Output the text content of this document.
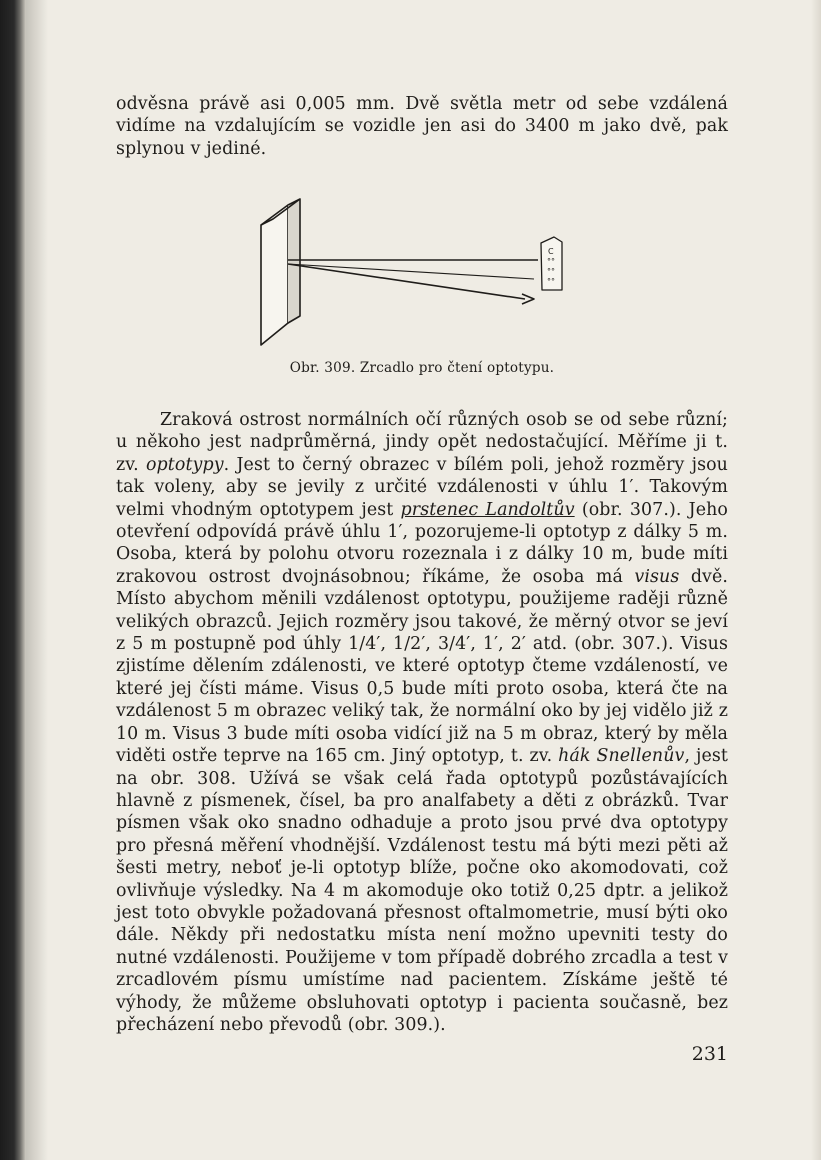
odvěsna právě asi 0,005 mm. Dvě světla metr od sebe vzdálená vidíme na vzdalujícím se vozidle jen asi do 3400 m jako dvě, pak splynou v jediné.
C
°°
°°
°°
Obr. 309. Zrcadlo pro čtení optotypu.
Zraková ostrost normálních očí různých osob se od sebe různí; u někoho jest nadprůměrná, jindy opět nedostačující. Měříme ji t. zv. optotypy. Jest to černý obrazec v bílém poli, jehož rozměry jsou tak voleny, aby se jevily z určité vzdálenosti v úhlu 1′. Takovým velmi vhodným optotypem jest prstenec Landoltův (obr. 307.). Jeho otevření odpovídá právě úhlu 1′, pozorujeme-li optotyp z dálky 5 m. Osoba, která by polohu otvoru rozeznala i z dálky 10 m, bude míti zrakovou ostrost dvojnásobnou; říkáme, že osoba má visus dvě. Místo abychom měnili vzdálenost optotypu, použijeme raději různě velikých obrazců. Jejich rozměry jsou takové, že měrný otvor se jeví z 5 m postupně pod úhly 1/4′, 1/2′, 3/4′, 1′, 2′ atd. (obr. 307.). Visus zjistíme dělením zdálenosti, ve které optotyp čteme vzdáleností, ve které jej čísti máme. Visus 0,5 bude míti proto osoba, která čte na vzdálenost 5 m obrazec veliký tak, že normální oko by jej vidělo již z 10 m. Visus 3 bude míti osoba vidící již na 5 m obraz, který by měla viděti ostře teprve na 165 cm. Jiný optotyp, t. zv. hák Snellenův, jest na obr. 308. Užívá se však celá řada optotypů pozůstávajících hlavně z písmenek, čísel, ba pro analfabety a děti z obrázků. Tvar písmen však oko snadno odhaduje a proto jsou prvé dva optotypy pro přesná měření vhodnější. Vzdálenost testu má býti mezi pěti až šesti metry, neboť je-li optotyp blíže, počne oko akomodovati, což ovlivňuje výsledky. Na 4 m akomoduje oko totiž 0,25 dptr. a jelikož jest toto obvykle požadovaná přesnost oftalmometrie, musí býti oko dále. Někdy při nedostatku místa není možno upevniti testy do nutné vzdálenosti. Použijeme v tom případě dobrého zrcadla a test v zrcadlovém písmu umístíme nad pacientem. Získáme ještě té výhody, že můžeme obsluhovati optotyp i pacienta současně, bez přecházení nebo převodů (obr. 309.).
231
